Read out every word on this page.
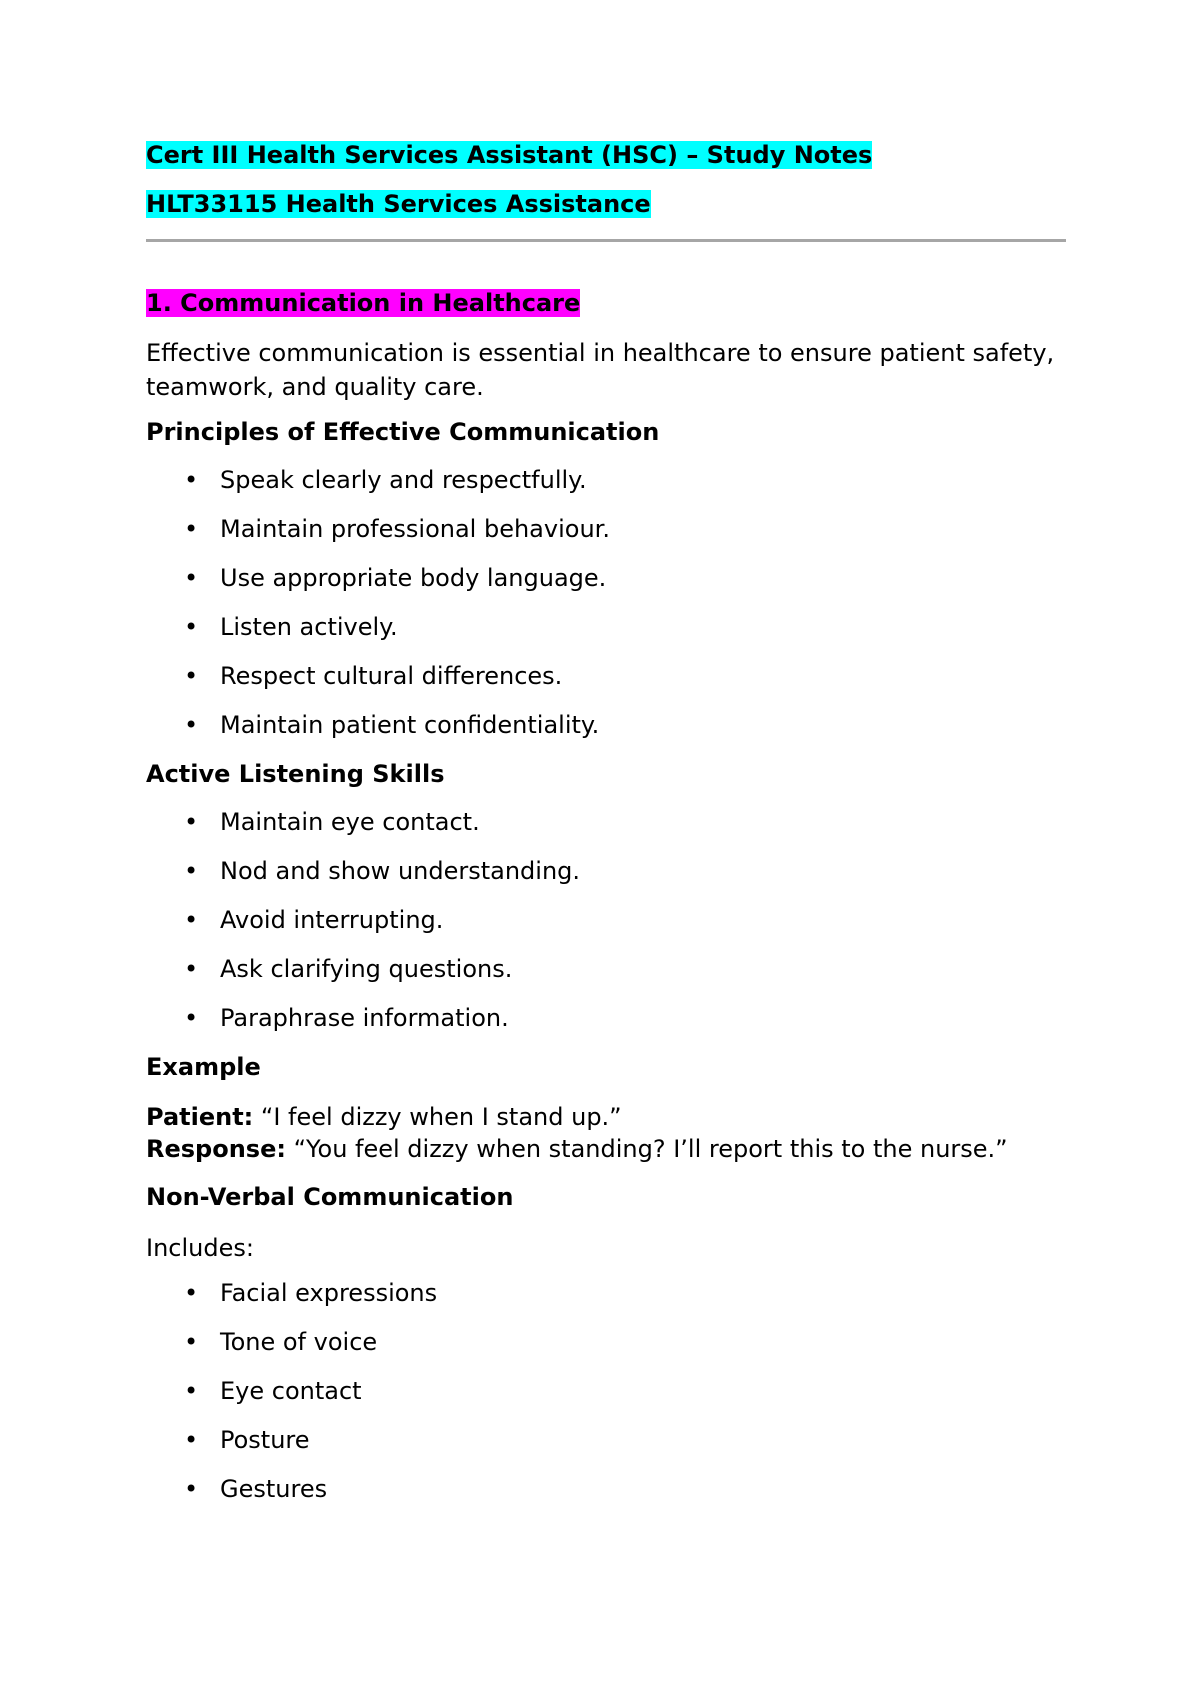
Cert III Health Services Assistant (HSC) – Study Notes
HLT33115 Health Services Assistance
1. Communication in Healthcare
Effective communication is essential in healthcare to ensure patient safety, teamwork, and quality care.
Principles of Effective Communication
• Speak clearly and respectfully.
• Maintain professional behaviour.
• Use appropriate body language.
• Listen actively.
• Respect cultural differences.
• Maintain patient confidentiality.
Active Listening Skills
• Maintain eye contact.
• Nod and show understanding.
• Avoid interrupting.
• Ask clarifying questions.
• Paraphrase information.
Example
Patient: “I feel dizzy when I stand up.”
Response: “You feel dizzy when standing? I’ll report this to the nurse.”
Non-Verbal Communication
Includes:
• Facial expressions
• Tone of voice
• Eye contact
• Posture
• Gestures
